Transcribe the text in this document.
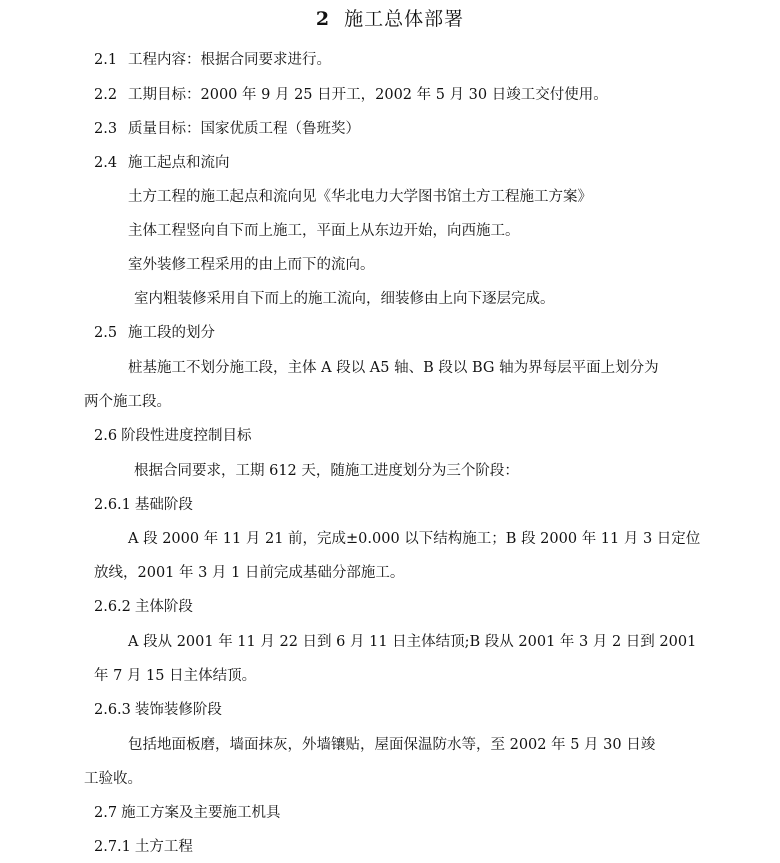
2 施工总体部署
2.1 工程内容：根据合同要求进行。
2.2 工期目标：2000 年 9 月 25 日开工，2002 年 5 月 30 日竣工交付使用。
2.3 质量目标：国家优质工程（鲁班奖）
2.4 施工起点和流向
土方工程的施工起点和流向见《华北电力大学图书馆土方工程施工方案》
主体工程竖向自下而上施工，平面上从东边开始，向西施工。
室外装修工程采用的由上而下的流向。
室内粗装修采用自下而上的施工流向，细装修由上向下逐层完成。
2.5 施工段的划分
桩基施工不划分施工段，主体 A 段以 A5 轴、B 段以 BG 轴为界每层平面上划分为
两个施工段。
2.6 阶段性进度控制目标
根据合同要求，工期 612 天，随施工进度划分为三个阶段：
2.6.1 基础阶段
A 段 2000 年 11 月 21 前，完成±0.000 以下结构施工；B 段 2000 年 11 月 3 日定位
放线，2001 年 3 月 1 日前完成基础分部施工。
2.6.2 主体阶段
A 段从 2001 年 11 月 22 日到 6 月 11 日主体结顶;B 段从 2001 年 3 月 2 日到 2001
年 7 月 15 日主体结顶。
2.6.3 装饰装修阶段
包括地面板磨，墙面抹灰，外墙镶贴，屋面保温防水等，至 2002 年 5 月 30 日竣
工验收。
2.7 施工方案及主要施工机具
2.7.1 土方工程
